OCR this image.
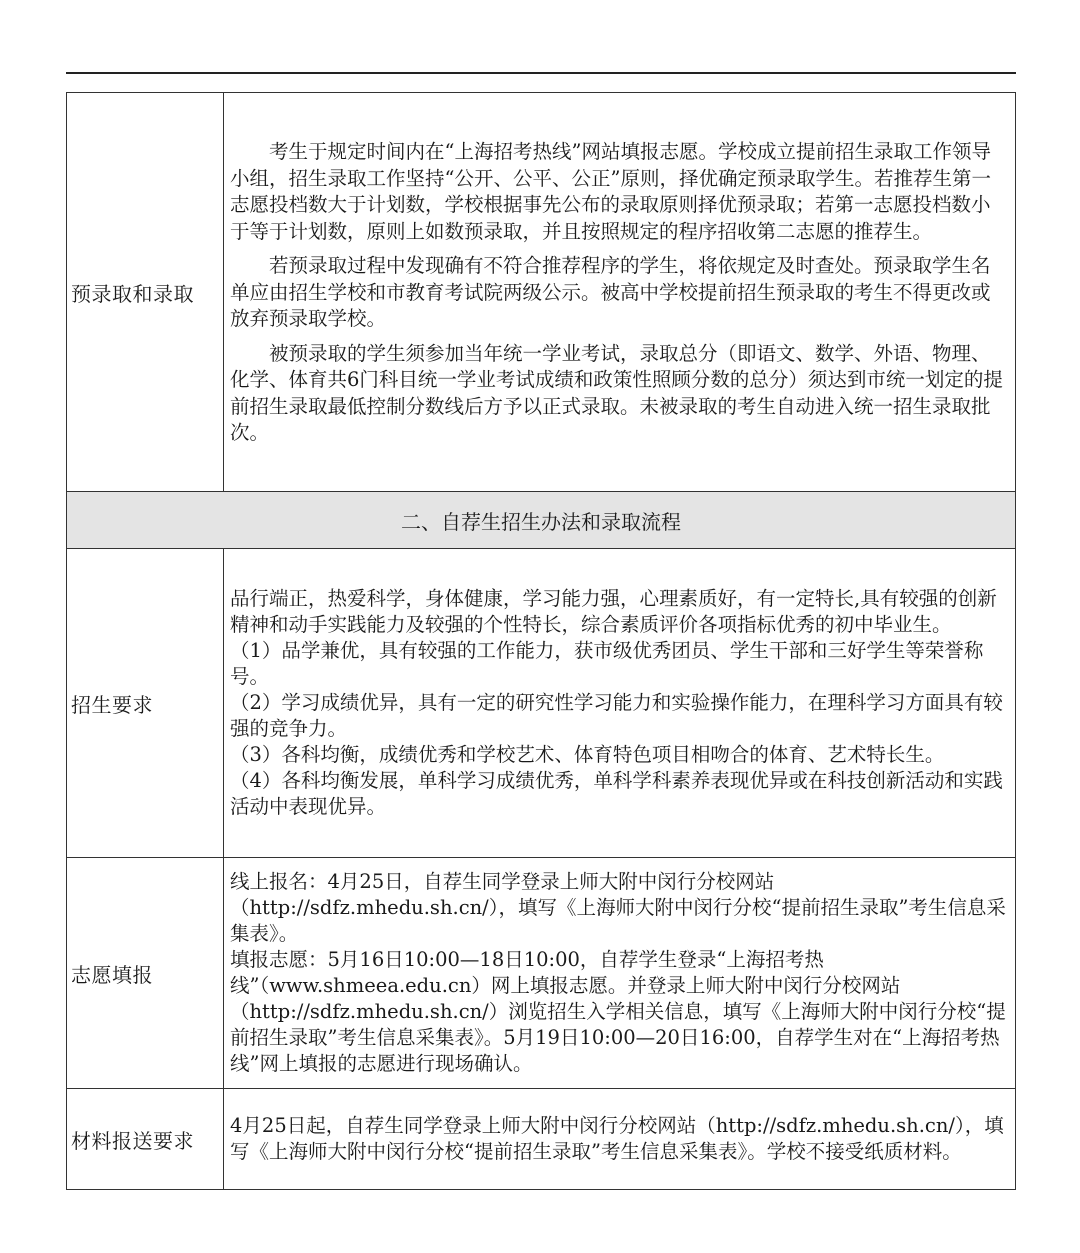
预录取和录取	考生于规定时间内在“上海招考热线”网站填报志愿。学校成立提前招生录取工作领导小组，招生录取工作坚持“公开、公平、公正”原则，择优确定预录取学生。若推荐生第一志愿投档数大于计划数，学校根据事先公布的录取原则择优预录取；若第一志愿投档数小于等于计划数，原则上如数预录取，并且按照规定的程序招收第二志愿的推荐生。

若预录取过程中发现确有不符合推荐程序的学生，将依规定及时查处。预录取学生名单应由招生学校和市教育考试院两级公示。被高中学校提前招生预录取的考生不得更改或放弃预录取学校。

被预录取的学生须参加当年统一学业考试，录取总分（即语文、数学、外语、物理、化学、体育共6门科目统一学业考试成绩和政策性照顾分数的总分）须达到市统一划定的提前招生录取最低控制分数线后方予以正式录取。未被录取的考生自动进入统一招生录取批次。

二、自荐生招生办法和录取流程	
招生要求	品行端正，热爱科学，身体健康，学习能力强，心理素质好，有一定特长,具有较强的创新精神和动手实践能力及较强的个性特长，综合素质评价各项指标优秀的初中毕业生。

（1）品学兼优，具有较强的工作能力，获市级优秀团员、学生干部和三好学生等荣誉称号。

（2）学习成绩优异，具有一定的研究性学习能力和实验操作能力，在理科学习方面具有较强的竞争力。

（3）各科均衡，成绩优秀和学校艺术、体育特色项目相吻合的体育、艺术特长生。

（4）各科均衡发展，单科学习成绩优秀，单科学科素养表现优异或在科技创新活动和实践活动中表现优异。

志愿填报	线上报名：4月25日，自荐生同学登录上师大附中闵行分校网站（http://sdfz.mhedu.sh.cn/），填写《上海师大附中闵行分校“提前招生录取”考生信息采集表》。

填报志愿：5月16日10:00—18日10:00，自荐学生登录“上海招考热线”（www.shmeea.edu.cn）网上填报志愿。并登录上师大附中闵行分校网站（http://sdfz.mhedu.sh.cn/）浏览招生入学相关信息，填写《上海师大附中闵行分校“提前招生录取”考生信息采集表》。5月19日10:00—20日16:00，自荐学生对在“上海招考热线”网上填报的志愿进行现场确认。

材料报送要求	4月25日起，自荐生同学登录上师大附中闵行分校网站（http://sdfz.mhedu.sh.cn/），填写《上海师大附中闵行分校“提前招生录取”考生信息采集表》。学校不接受纸质材料。
